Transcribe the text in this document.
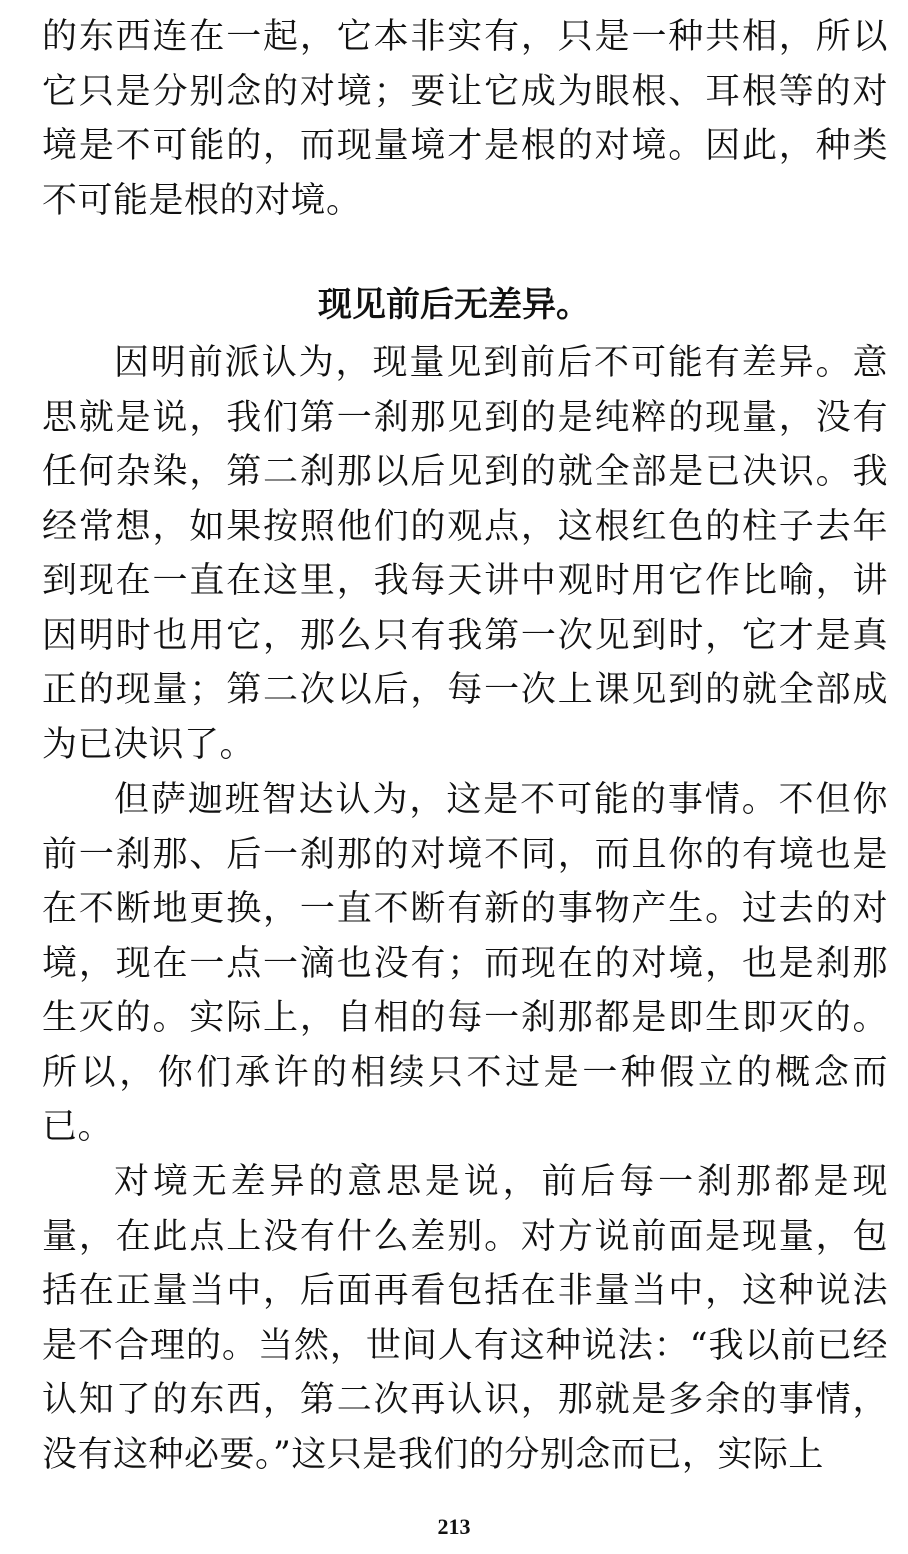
的东西连在一起，它本非实有，只是一种共相，所以它只是分别念的对境；要让它成为眼根、耳根等的对境是不可能的，而现量境才是根的对境。因此，种类不可能是根的对境。

现见前后无差异。

因明前派认为，现量见到前后不可能有差异。意思就是说，我们第一刹那见到的是纯粹的现量，没有任何杂染，第二刹那以后见到的就全部是已决识。我经常想，如果按照他们的观点，这根红色的柱子去年到现在一直在这里，我每天讲中观时用它作比喻，讲因明时也用它，那么只有我第一次见到时，它才是真正的现量；第二次以后，每一次上课见到的就全部成为已决识了。

但萨迦班智达认为，这是不可能的事情。不但你前一刹那、后一刹那的对境不同，而且你的有境也是在不断地更换，一直不断有新的事物产生。过去的对境，现在一点一滴也没有；而现在的对境，也是刹那生灭的。实际上，自相的每一刹那都是即生即灭的。所以，你们承许的相续只不过是一种假立的概念而已。

对境无差异的意思是说，前后每一刹那都是现量，在此点上没有什么差别。对方说前面是现量，包括在正量当中，后面再看包括在非量当中，这种说法是不合理的。当然，世间人有这种说法：“我以前已经认知了的东西，第二次再认识，那就是多余的事情，没有这种必要。”这只是我们的分别念而已，实际上

213
